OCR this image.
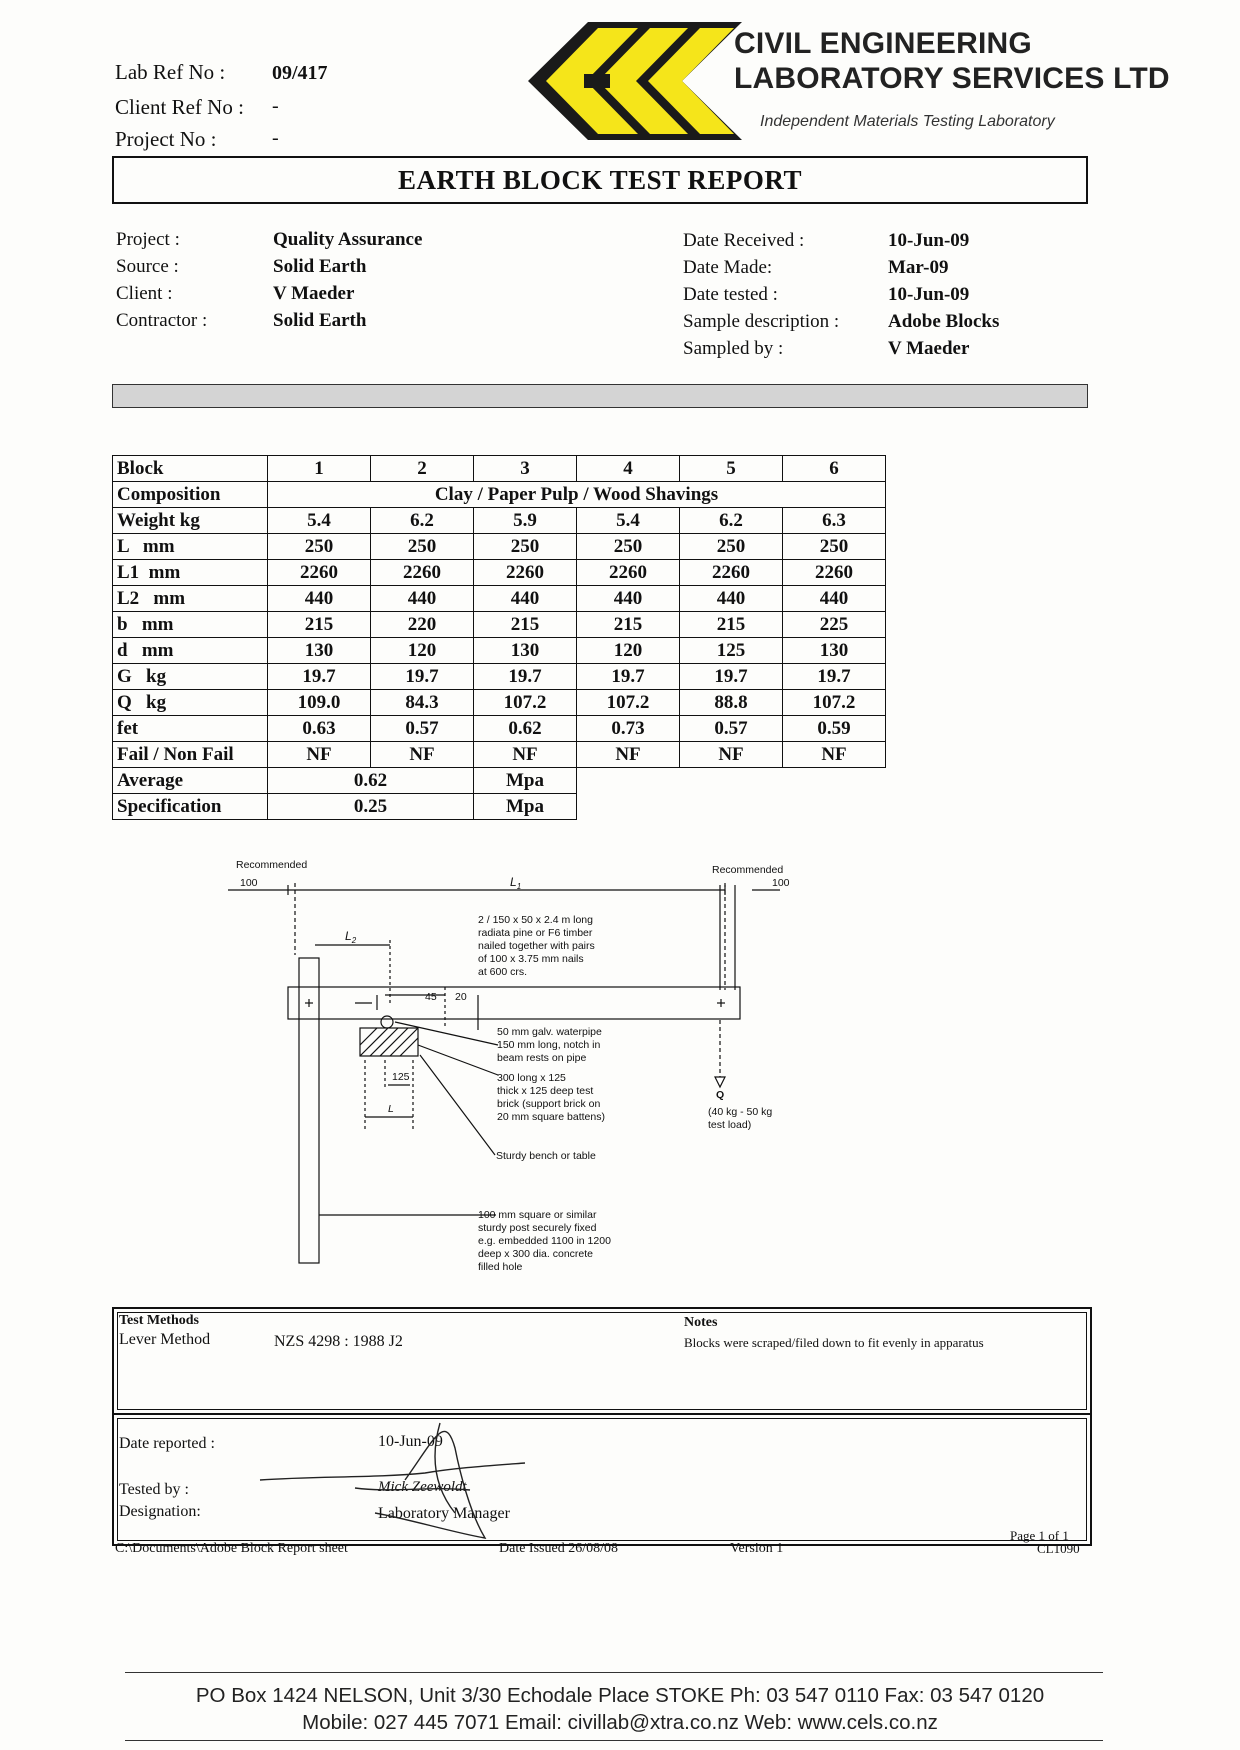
Lab Ref No : 09/417
Client Ref No : -
Project No :	-
CIVIL ENGINEERING
LABORATORY SERVICES LTD
Independent Materials Testing Laboratory
EARTH BLOCK TEST REPORT
Project :	Quality Assurance
Source :	Solid Earth
Client :	V Maeder
Contractor :	Solid Earth
Date Received :	10-Jun-09
Date Made:	Mar-09
Date tested :	10-Jun-09
Sample description :	Adobe Blocks
Sampled by :	V Maeder
Block	1	2	3	4	5	6
Composition	Clay / Paper Pulp / Wood Shavings					
Weight kg	5.4	6.2	5.9	5.4	6.2	6.3
L   mm	250	250	250	250	250	250
L1  mm	2260	2260	2260	2260	2260	2260
L2   mm	440	440	440	440	440	440
b   mm	215	220	215	215	215	225
d   mm	130	120	130	120	125	130
G   kg	19.7	19.7	19.7	19.7	19.7	19.7
Q   kg	109.0	84.3	107.2	107.2	88.8	107.2
fet	0.63	0.57	0.62	0.73	0.57	0.59
Fail / Non Fail	NF	NF	NF	NF	NF	NF
Average	0.62		Mpa			
Specification	0.25		Mpa			
Recommended
100
Recommended
100
$L_1$
$L_2$
45 20
125
L
2 / 150 x 50 x 2.4 m long
radiata pine or F6 timber
nailed together with pairs
of 100 x 3.75 mm nails
at 600 crs.
50 mm galv. waterpipe
150 mm long, notch in
beam rests on pipe
300 long x 125
thick x 125 deep test
brick (support brick on
20 mm square battens)
Sturdy bench or table
100 mm square or similar
sturdy post securely fixed
e.g. embedded 1100 in 1200
deep x 300 dia. concrete
filled hole
Q
(40 kg - 50 kg
test load)
Test Methods
Lever Method	NZS 4298 : 1988 J2
Notes
Blocks were scraped/filed down to fit evenly in apparatus
Date reported :	10-Jun-09
Tested by :	Mick Zeewoldt
Designation:	Laboratory Manager
Page 1 of 1
C:\Documents\Adobe Block Report sheet	Date Issued 26/08/08	Version 1	CL1090
PO Box 1424 NELSON, Unit 3/30 Echodale Place STOKE Ph: 03 547 0110 Fax: 03 547 0120
Mobile: 027 445 7071 Email: civillab@xtra.co.nz Web: www.cels.co.nz
